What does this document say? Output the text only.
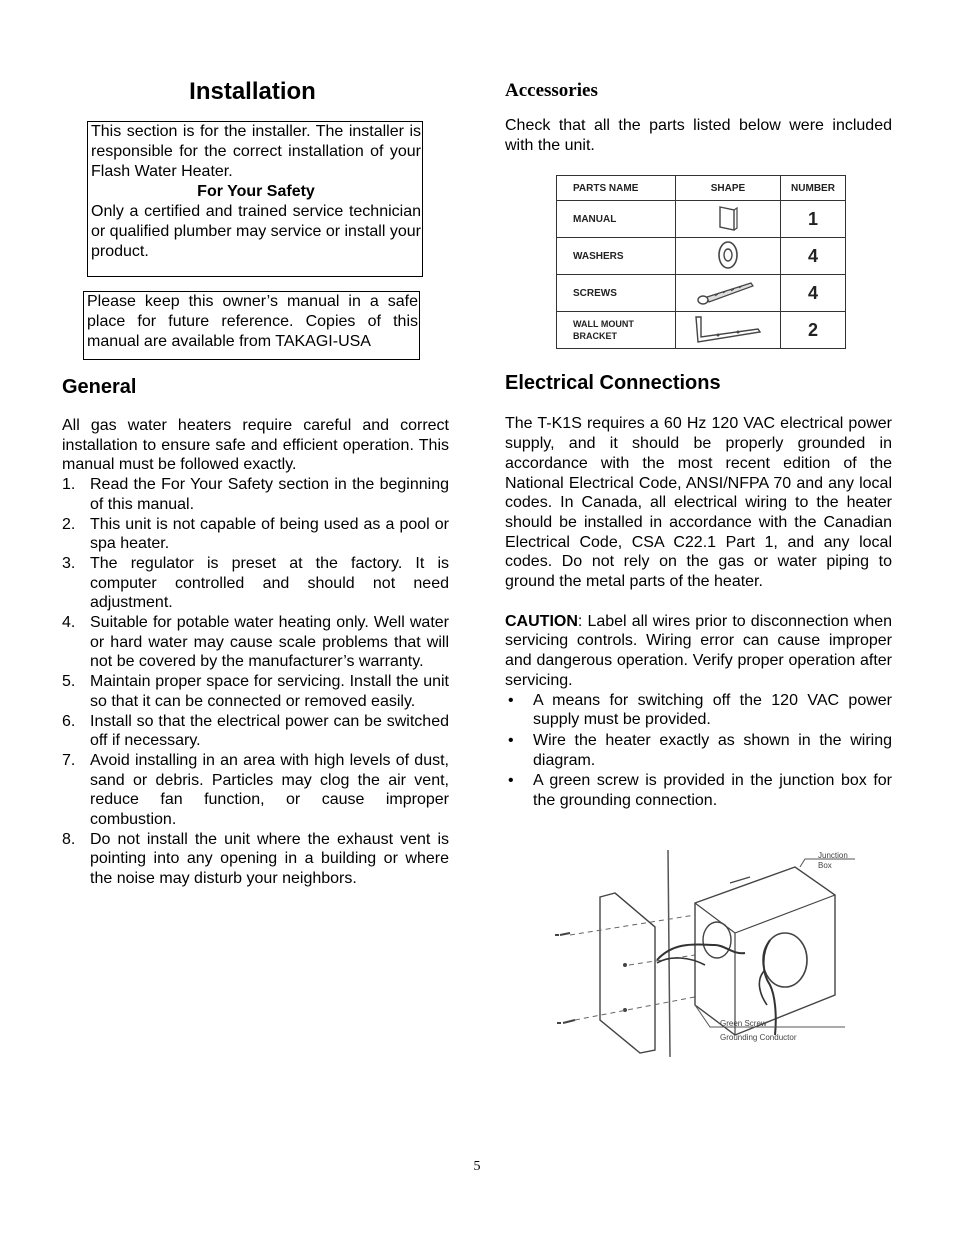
Installation
This section is for the installer. The installer is responsible for the correct installation of your Flash Water Heater.
For Your Safety
Only a certified and trained service technician or qualified plumber may service or install your product.
Please keep this owner’s manual in a safe place for future reference. Copies of this manual are available from TAKAGI-USA
General

All gas water heaters require careful and correct installation to ensure safe and efficient operation. This manual must be followed exactly.

1. Read the For Your Safety section in the beginning of this manual.
2. This unit is not capable of being used as a pool or spa heater.
3. The regulator is preset at the factory. It is computer controlled and should not need adjustment.
4. Suitable for potable water heating only. Well water or hard water may cause scale problems that will not be covered by the manufacturer’s warranty.
5. Maintain proper space for servicing. Install the unit so that it can be connected or removed easily.
6. Install so that the electrical power can be switched off if necessary.
7. Avoid installing in an area with high levels of dust, sand or debris. Particles may clog the air vent, reduce fan function, or cause improper combustion.
8. Do not install the unit where the exhaust vent is pointing into any opening in a building or where the noise may disturb your neighbors.
Accessories

Check that all the parts listed below were included with the unit.

PARTS NAME	SHAPE	NUMBER
MANUAL		1
WASHERS		4
SCREWS		4
WALL MOUNT BRACKET		2
Electrical Connections

The T-K1S requires a 60 Hz 120 VAC electrical power supply, and it should be properly grounded in accordance with the most recent edition of the National Electrical Code, ANSI/NFPA 70 and any local codes. In Canada, all electrical wiring to the heater should be installed in accordance with the Canadian Electrical Code, CSA C22.1 Part 1, and any local codes. Do not rely on the gas or water piping to ground the metal parts of the heater.

CAUTION: Label all wires prior to disconnection when servicing controls. Wiring error can cause improper and dangerous operation. Verify proper operation after servicing.

• A means for switching off the 120 VAC power supply must be provided.
• Wire the heater exactly as shown in the wiring diagram.
• A green screw is provided in the junction box for the grounding connection.
Junction
Box
Green Screw
Grounding Conductor
5
